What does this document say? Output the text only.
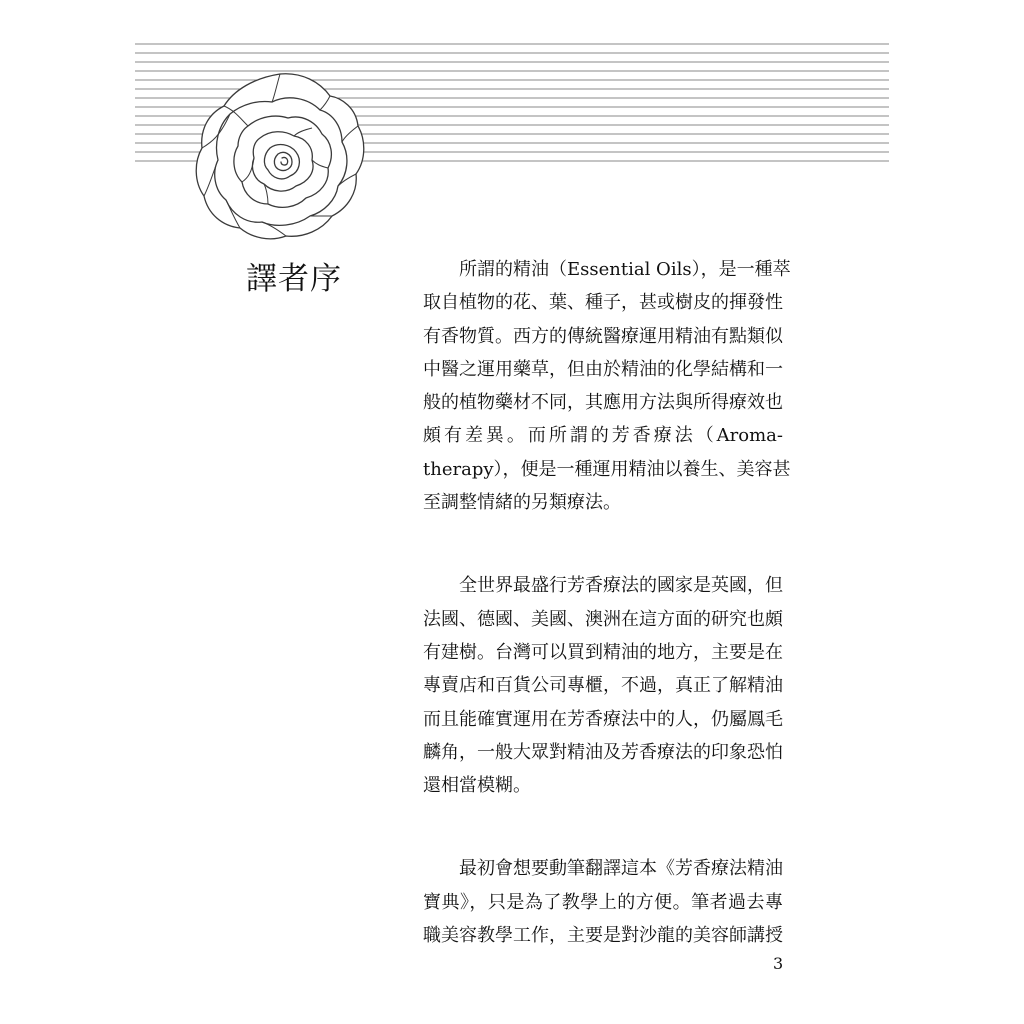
譯者序	所謂的精油（Essential Oils），是一種萃
取自植物的花、葉、種子，甚或樹皮的揮發性
有香物質。西方的傳統醫療運用精油有點類似
中醫之運用藥草，但由於精油的化學結構和一
般的植物藥材不同，其應用方法與所得療效也
頗有差異。而所謂的芳香療法（Aroma-
therapy），便是一種運用精油以養生、美容甚
至調整情緒的另類療法。

全世界最盛行芳香療法的國家是英國，但
法國、德國、美國、澳洲在這方面的研究也頗
有建樹。台灣可以買到精油的地方，主要是在
專賣店和百貨公司專櫃，不過，真正了解精油
而且能確實運用在芳香療法中的人，仍屬鳳毛
麟角，一般大眾對精油及芳香療法的印象恐怕
還相當模糊。

最初會想要動筆翻譯這本《芳香療法精油
寶典》，只是為了教學上的方便。筆者過去專
職美容教學工作，主要是對沙龍的美容師講授

3
